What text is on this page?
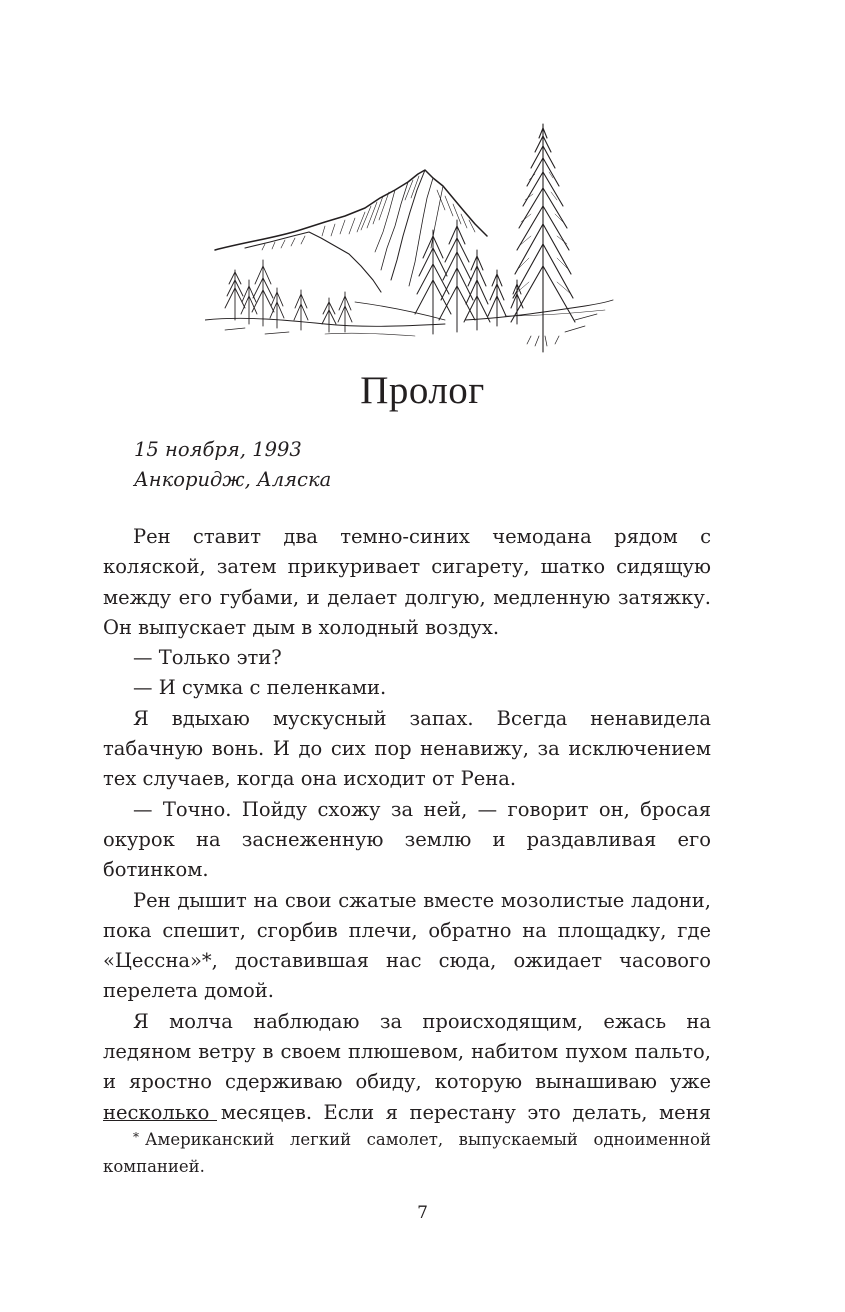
Пролог
15 ноября, 1993
Анкоридж, Аляска

Рен ставит два темно-синих чемодана рядом с коляской, затем прикуривает сигарету, шатко сидящую между его губами, и делает долгую, медленную затяжку. Он выпускает дым в холодный воздух.

— Только эти?

— И сумка с пеленками.

Я вдыхаю мускусный запах. Всегда ненавидела табачную вонь. И до сих пор ненавижу, за исключением тех случаев, когда она исходит от Рена.

— Точно. Пойду схожу за ней, — говорит он, бросая окурок на заснеженную землю и раздавливая его ботинком.

Рен дышит на свои сжатые вместе мозолистые ладони, пока спешит, сгорбив плечи, обратно на площадку, где «Цессна»*, доставившая нас сюда, ожидает часового перелета домой.

Я молча наблюдаю за происходящим, ежась на ледяном ветру в своем плюшевом, набитом пухом пальто, и яростно сдерживаю обиду, которую вынашиваю уже несколько месяцев. Если я перестану это делать, меня

* Американский легкий самолет, выпускаемый одноименной компанией.

7
